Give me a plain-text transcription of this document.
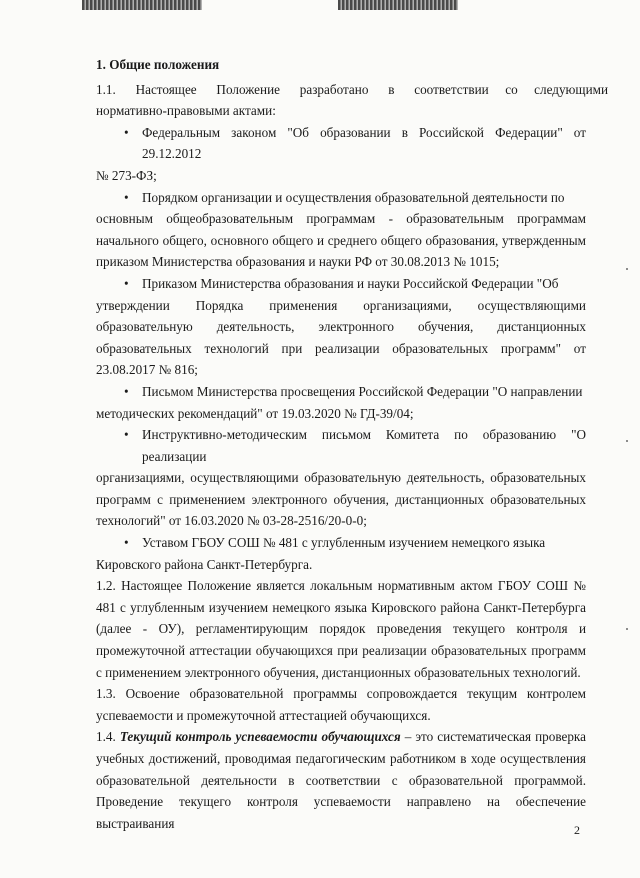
1. Общие положения

1.1.      Настоящее      Положение      разработано      в      соответствии     со     следующими

нормативно-правовыми актами:

•	Федеральным законом "Об образовании в Российской Федерации" от 29.12.2012

№ 273-ФЗ;

•	Порядком организации и осуществления образовательной деятельности по

основным общеобразовательным программам - образовательным программам начального общего, основного общего и среднего общего образования, утвержденным приказом Министерства образования и науки РФ от 30.08.2013 № 1015;

•	Приказом Министерства образования и науки Российской Федерации "Об

утверждении Порядка применения организациями, осуществляющими образовательную деятельность, электронного обучения, дистанционных образовательных технологий при реализации образовательных программ" от 23.08.2017 № 816;

•	Письмом Министерства просвещения Российской Федерации "О направлении

методических рекомендаций" от 19.03.2020 № ГД-39/04;

•	Инструктивно-методическим письмом Комитета по образованию "О реализации

организациями, осуществляющими образовательную деятельность, образовательных программ с применением электронного обучения, дистанционных образовательных технологий" от 16.03.2020 № 03-28-2516/20-0-0;

•	Уставом ГБОУ СОШ № 481 с углубленным изучением немецкого языка

Кировского района Санкт-Петербурга.

1.2. Настоящее Положение является локальным нормативным актом ГБОУ СОШ № 481 с углубленным изучением немецкого языка Кировского района Санкт-Петербурга (далее - ОУ), регламентирующим порядок проведения текущего контроля и промежуточной аттестации обучающихся при реализации образовательных программ с применением электронного обучения, дистанционных образовательных технологий.

1.3. Освоение образовательной программы сопровождается текущим контролем успеваемости и промежуточной аттестацией обучающихся.

1.4. Текущий контроль успеваемости обучающихся – это систематическая проверка учебных достижений, проводимая педагогическим работником в ходе осуществления образовательной деятельности в соответствии с образовательной программой. Проведение текущего контроля успеваемости направлено на обеспечение выстраивания	2
